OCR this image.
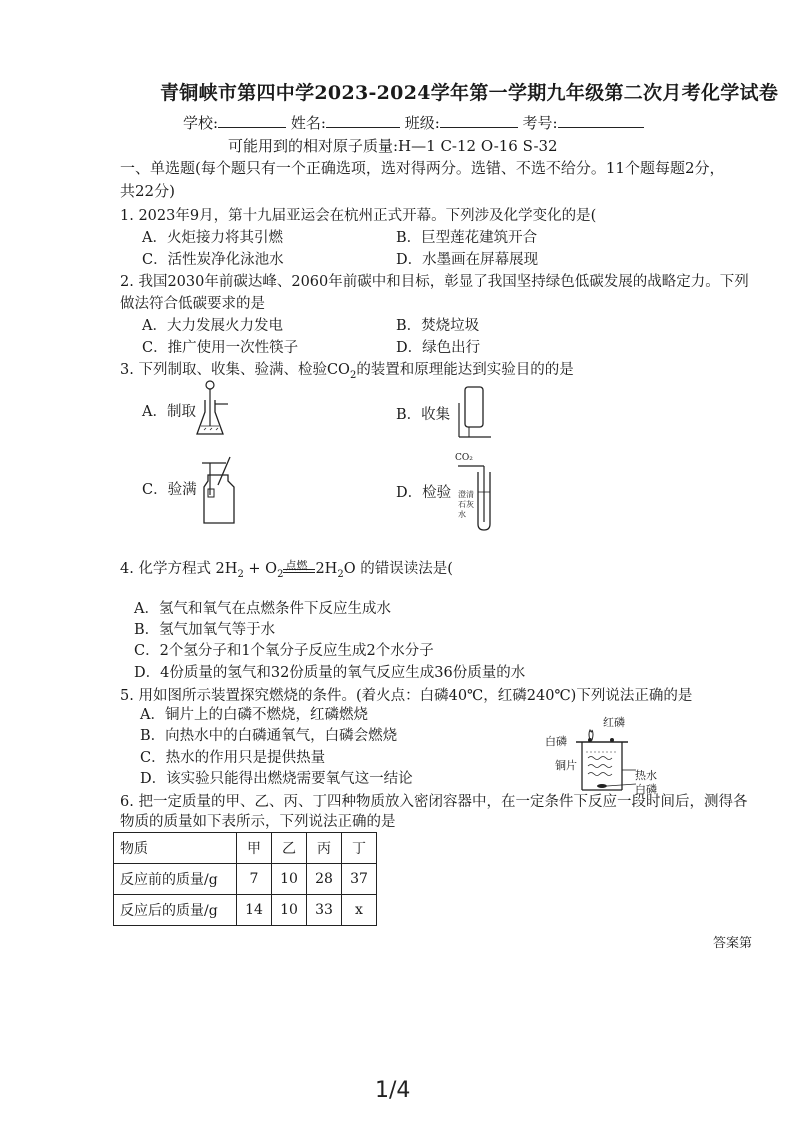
青铜峡市第四中学2023-2024学年第一学期九年级第二次月考化学试卷
学校:	姓名:	班级:	考号:
可能用到的相对原子质量:H—1 C-12 O-16 S-32
一、单选题(每个题只有一个正确选项，选对得两分。选错、不选不给分。11个题每题2分，
共22分)
1. 2023年9月，第十九届亚运会在杭州正式开幕。下列涉及化学变化的是(
A．火炬接力将其引燃	B．巨型莲花建筑开合
C．活性炭净化泳池水	D．水墨画在屏幕展现
2. 我国2030年前碳达峰、2060年前碳中和目标，彰显了我国坚持绿色低碳发展的战略定力。下列
做法符合低碳要求的是
A．大力发展火力发电	B．焚烧垃圾
C．推广使用一次性筷子	D．绿色出行
3. 下列制取、收集、验满、检验$CO_2$的装置和原理能达到实验目的的是
A．制取	B．收集
C．验满	D．检验
CO₂
澄清
石灰
水
4. 化学方程式 $2H_2 + O_2$
点燃 $2H_2O$ 的错误读法是(
A．氢气和氧气在点燃条件下反应生成水
B．氢气加氧气等于水
C．2个氢分子和1个氧分子反应生成2个水分子
D．4份质量的氢气和32份质量的氧气反应生成36份质量的水
5. 用如图所示装置探究燃烧的条件。(着火点：白磷40℃，红磷240℃)下列说法正确的是
A．铜片上的白磷不燃烧，红磷燃烧
B．向热水中的白磷通氧气，白磷会燃烧
C．热水的作用只是提供热量
D．该实验只能得出燃烧需要氧气这一结论
红磷
白磷
铜片
热水
白磷
6. 把一定质量的甲、乙、丙、丁四种物质放入密闭容器中，在一定条件下反应一段时间后，测得各
物质的质量如下表所示，下列说法正确的是
物质	甲	乙	丙	丁
反应前的质量/g	7	10	28	37
反应后的质量/g	14	10	33	x
答案第
1/4
